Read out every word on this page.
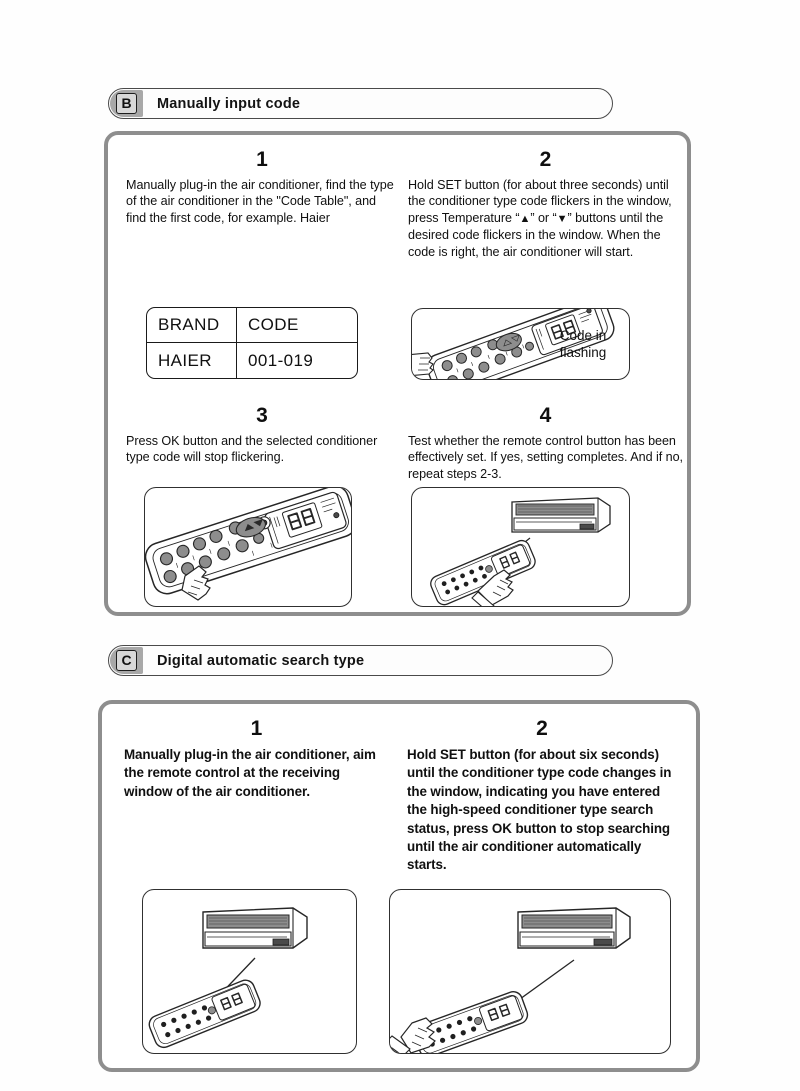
B	Manually input code
1
Manually plug-in the air conditioner, find the type of the air conditioner in the "Code Table", and find the first code, for example. Haier
2
Hold SET button (for about three seconds) until the conditioner type code flickers in the window, press Temperature “▲” or “▼” buttons until the desired code flickers in the window. When the code is right, the air conditioner will start.
BRAND	CODE
HAIER	001-019
Code in
flashing
3
Press OK button and the selected conditioner type code will stop flickering.
4
Test whether the remote control button has been effectively set. If yes, setting completes. And if no, repeat steps 2-3.
C	Digital automatic search type
1
Manually plug-in the air conditioner, aim the remote control at the receiving window of the air conditioner.
2
Hold SET button (for about six seconds) until the conditioner type code changes in the window, indicating you have entered the high-speed conditioner type search status, press OK button to stop searching until the air conditioner automatically starts.
